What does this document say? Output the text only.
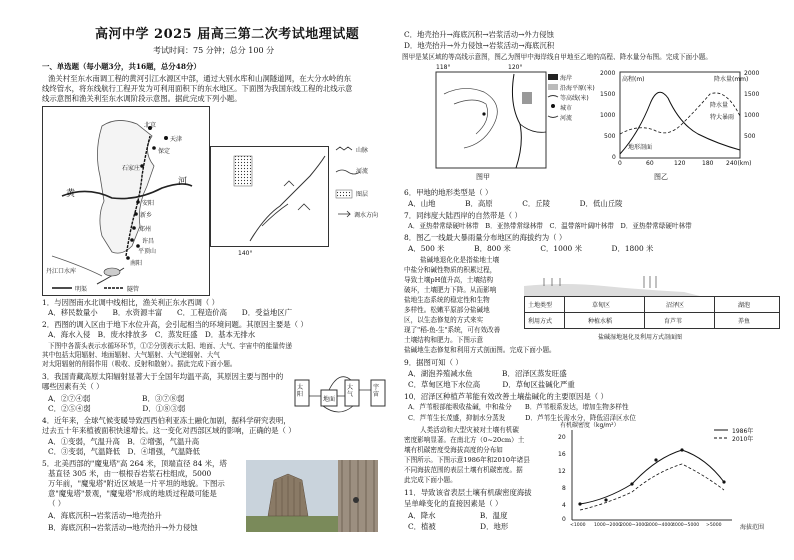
高河中学 2025 届高三第二次考试地理试题
考试时间：75 分钟；总分 100 分
一、单选题（每小题3分，共16题，总分48分）
渔关村至东水南调工程的黄河引江水源区中部，通过大别水库和山洞隧道网，在大分水岭的东
线终管水，将东线航行工程开发为可利用面积下的东水地区。下面图为我国东线工程的北线示意
线示意图和渔关利至东水调阶段示意图。据此完成下列小题。
北京
天津
保定
石家庄
黄
河
安阳
新乡
郑州
许昌
平顶山
南阳
丹江口水库
明渠	隧管
山脉
河流
图层
调水方向
140°
1．与因图南水北调中线相比，渔关利正东水西调（ ）
A．移民数量小　　B．水资源丰富　　C．工程造价高　　D．受益地区广
2．西图的调入区由于地下水位升高，会引起相当的环境问题。其原因主要是（ ）
A．海水入侵　B．废水排放多　C．蒸发旺盛　D．基本无排水
下图中各箭头表示水循环环节，①②分别表示太阳、地面、大气、宇宙中的能量传递
其中包括太阳辐射、地面辐射、大气辐射、大气逆辐射、大气
对太阳辐射的削弱作用（吸收、反射和散射）。据此完成下面小题。
3．我国青藏高原太阳辐射显著大于全国年均温平高，其原因主要与图中的
哪些因素有关（ ）
A．②⑦④弱　　　　　　　B．③⑦⑧弱
C．②⑤④弱　　　　　　　D．①⑧③弱
4．近年来，全球气候变暖导致西西伯利亚冻土融化加剧，据科学研究表明，
过去五十年来植被面积快速增长。这一变化对西部区域的影响，正确的是（ ）
A．①变弱，气温升高　B．②增强，气温升高
C．③变弱，气温降低　D．④增强，气温降低
5．北美西部的"魔鬼塔"高 264 米，顶端直径 84 米，塔
基直径 305 米，由一根根吞岩浆石柱组成，5000
万年前，"魔鬼塔"附近区域是一片平坦的地貌。下图示
意"魔鬼塔"景观，"魔鬼塔"形成的地质过程最可能是
（ ）
A．海底沉积→岩浆活动→地壳抬升
B．海底沉积→岩浆活动→地壳抬升→外力侵蚀
太阳
地面
大气
宇宙
C．地壳抬升→海底沉积→岩浆活动→外力侵蚀
D．地壳抬升→外力侵蚀→岩浆活动→海底沉积
图甲是某区域的等高线示意图，图乙为图甲中海岸线自甲地至乙地的高程、降水量分布图。完成下面小题。
118°	120°
海岸
沿海平原(米)
等高线(米)
城市
河流
图甲
高程(m)	降水量(mm)
2000
1500
1000
500
0
2000
1500
1000
500
0	60	120	180 240(km)
地形剖面
降水量
特大暴雨
图乙
6．甲地的地形类型是（ ）
A．山地　　　　B．高原　　　　C．丘陵　　　　D．低山丘陵
7．同纬度大陆西岸的自然带是（ ）
A．亚热带常绿硬叶林带　B．亚热带常绿林带　C．温带落叶阔叶林带　D．亚热带常绿硬叶林带
8．图乙一线最大暴雨量分布地区的海拔约为（ ）
A．500 米　　　　B．800 米　　　　C．1000 米　　　　D．1800 米
盐碱地退化化是指盐地土壤
中盐分和碱性物质的积累过程，
导致土壤pH值升高，土壤结构
破坏，土壤肥力下降。从而影响
盐地生态系统的稳定性和生物
多样性。松嫩平原部分盐碱地
区，以生态修复的方式来实
现了"稻-鱼-生"系统，可有效改善
土壤结构和肥力。下图示意
盐碱地生态修复和利用方式剖面图。完成下面小题。
土地类型	草甸区	沼泽区	湖泡
利用方式	种植水稻	育芦苇	养鱼
盐碱湿地退化及利用方式剖面图
9．据图可知（ ）
A．湖泡养殖减水鱼　　　　B．沼泽区蒸发旺盛
C．草甸区地下水位高　　　D．草甸区盐碱化严重
10．沼泽区种植芦苇能有效改善土壤盐碱化的主要原因是（ ）
A．芦苇根部能吸收盐碱，中和盐分　　B．芦苇根系发达，增加生物多样性
C．芦苇生长茂盛，抑制水分蒸发　　　D．芦苇生长需水分，降低沼泽区水位
人类活动和大型灾被对土壤有机碳
密度影响显著。在南北方（0~20cm）土
壤有机碳密度受海拔高度的分布如
下图所示。下图示意1986年和2010年诸县
不同海拔范围的表层土壤有机碳密度。据
此完成下面小题。
11．导致该省表层土壤有机碳密度海拔
呈单峰变化的直接因素是（ ）
A．降水　　　　　　B．温度
C．植被　　　　　　D．地形
有机碳密度（kg/m²）
1986年
2010年
20
16
12
8
4
0
<1000 1000~2000
2000~3000
3000~4000
4000~5000 >5000	海拔范围
